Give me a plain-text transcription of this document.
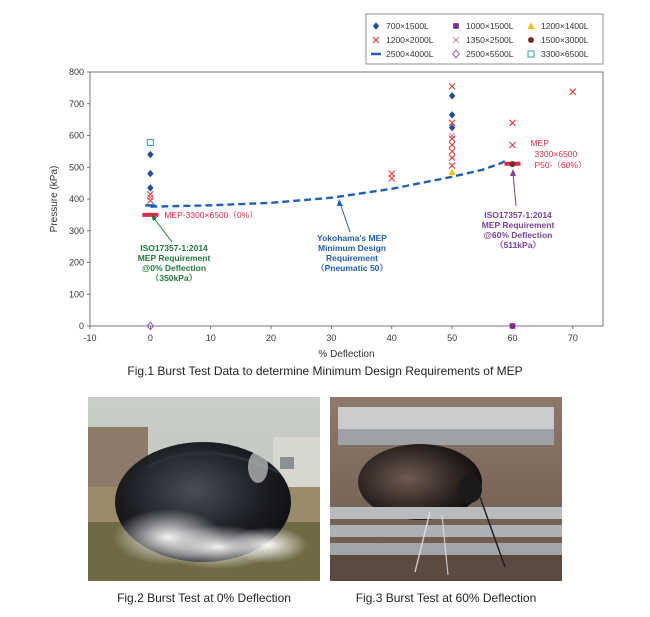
0
100
200
300
400
500
600
700
800
-10	0	10	20	30	40	50	60	70
% Deflection
Pressure (kPa)	MEP-3300×6500（0%）
MEP
3300×6500
P50-（60%）
ISO17357-1:2014
MEP Requirement
@0% Deflection
（350kPa）
Yokohama's MEP
Minimum Design
Requirement
（Pneumatic 50）
ISO17357-1:2014
MEP Requirement
@60% Deflection
（511kPa）
700×1500L	1000×1500L	1200×1400L
1200×2000L	1350×2500L	1500×3000L
2500×4000L	2500×5500L	3300×6500L
Fig.1 Burst Test Data to determine Minimum Design Requirements of MEP
Fig.2 Burst Test at 0% Deflection	Fig.3 Burst Test at 60% Deflection
